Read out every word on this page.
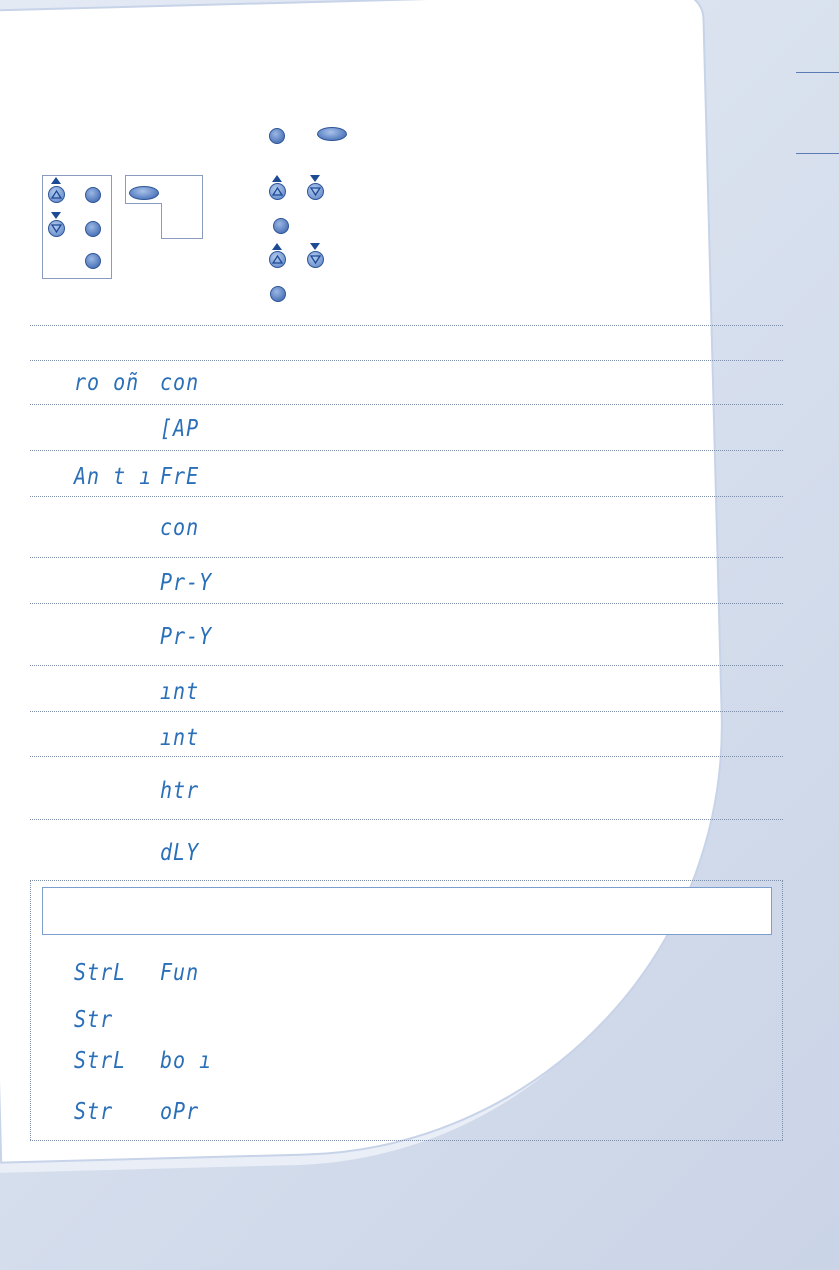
ro oñ con
[AP
An t ı FrE
con
Pr-Y
Pr-Y
ınt
ınt
htr
dLY
StrL Fun
Str
StrL bo ı
Str oPr
